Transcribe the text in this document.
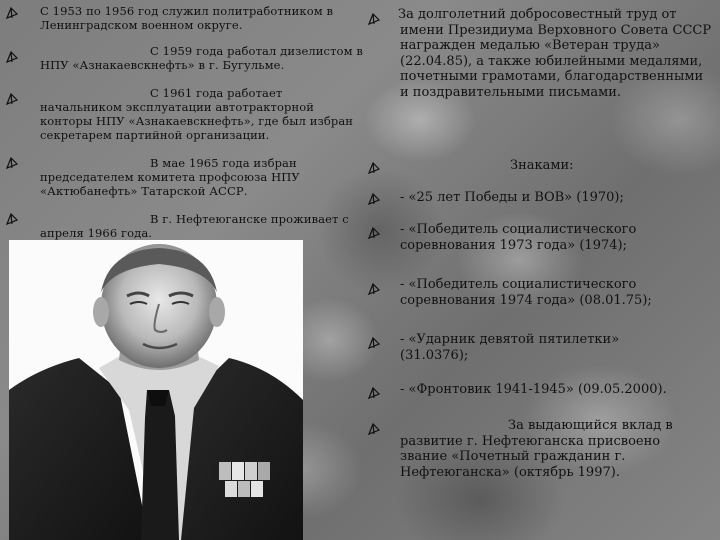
С 1953 по 1956 год служил политработником в Ленинградском военном округе.
С 1959 года работал дизелистом в НПУ «Азнакаевскнефть» в г. Бугульме.
С 1961 года работает начальником эксплуатации автотракторной конторы НПУ «Азнакаевскнефть», где был избран секретарем партийной организации.
В мае 1965 года избран председателем комитета профсоюза НПУ «Актюбанефть» Татарской АССР.
В г. Нефтеюганске проживает с апреля 1966 года.
За долголетний добросовестный труд от имени Президиума Верховного Совета СССР награжден медалью «Ветеран труда» (22.04.85), а также юбилейными медалями, почетными грамотами, благодарственными и поздравительными письмами.
Знаками:
- «25 лет Победы и ВОВ» (1970);
- «Победитель социалистического соревнования 1973 года» (1974);
- «Победитель социалистического соревнования 1974 года» (08.01.75);
- «Ударник девятой пятилетки» (31.0376);
- «Фронтовик 1941-1945» (09.05.2000).
За выдающийся вклад в развитие г. Нефтеюганска присвоено звание «Почетный гражданин г. Нефтеюганска» (октябрь 1997).
